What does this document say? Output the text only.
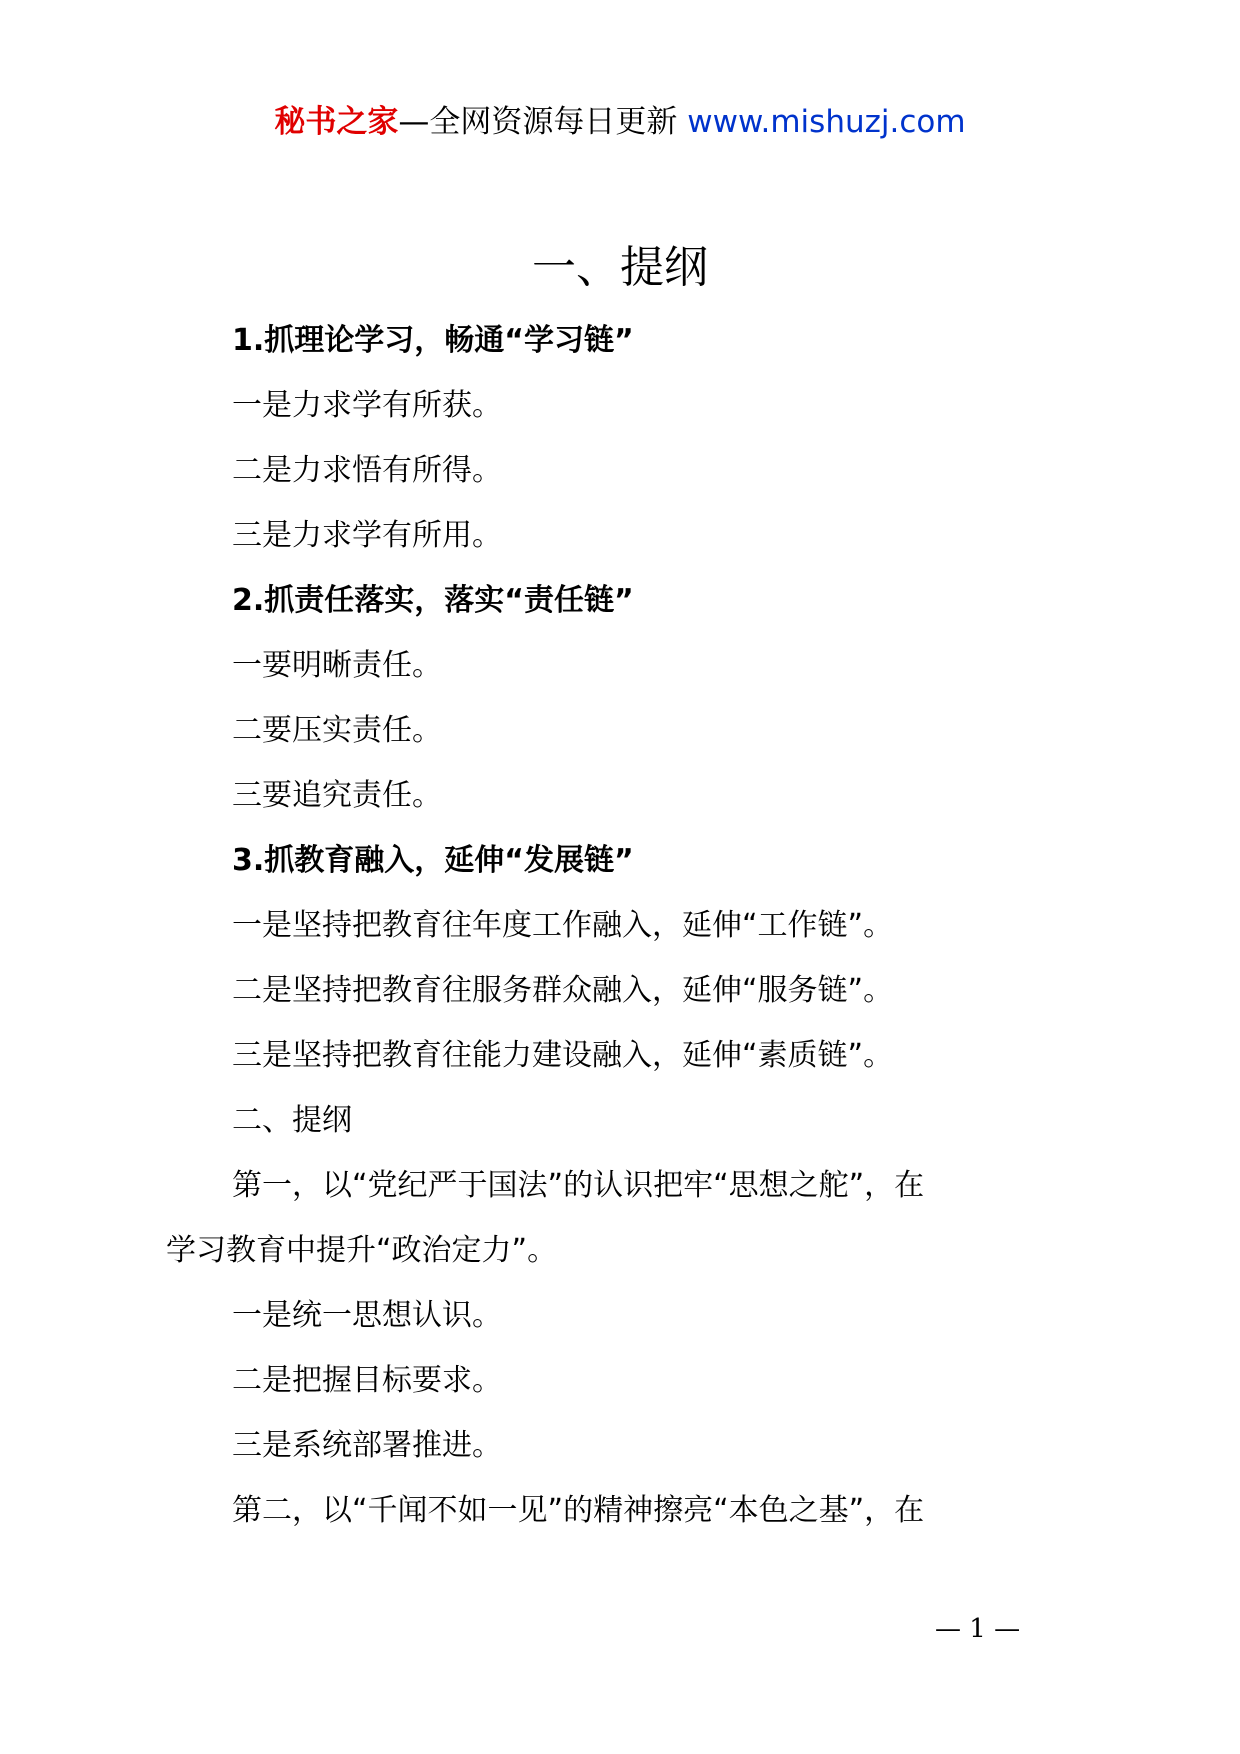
秘书之家—全网资源每日更新 www.mishuzj.com
一、提纲
1.抓理论学习，畅通“学习链”
一是力求学有所获。
二是力求悟有所得。
三是力求学有所用。
2.抓责任落实，落实“责任链”
一要明晰责任。
二要压实责任。
三要追究责任。
3.抓教育融入，延伸“发展链”
一是坚持把教育往年度工作融入，延伸“工作链”。
二是坚持把教育往服务群众融入，延伸“服务链”。
三是坚持把教育往能力建设融入，延伸“素质链”。
二、提纲
第一，以“党纪严于国法”的认识把牢“思想之舵”，在
学习教育中提升“政治定力”。
一是统一思想认识。
二是把握目标要求。
三是系统部署推进。
第二，以“千闻不如一见”的精神擦亮“本色之基”，在
— 1 —
